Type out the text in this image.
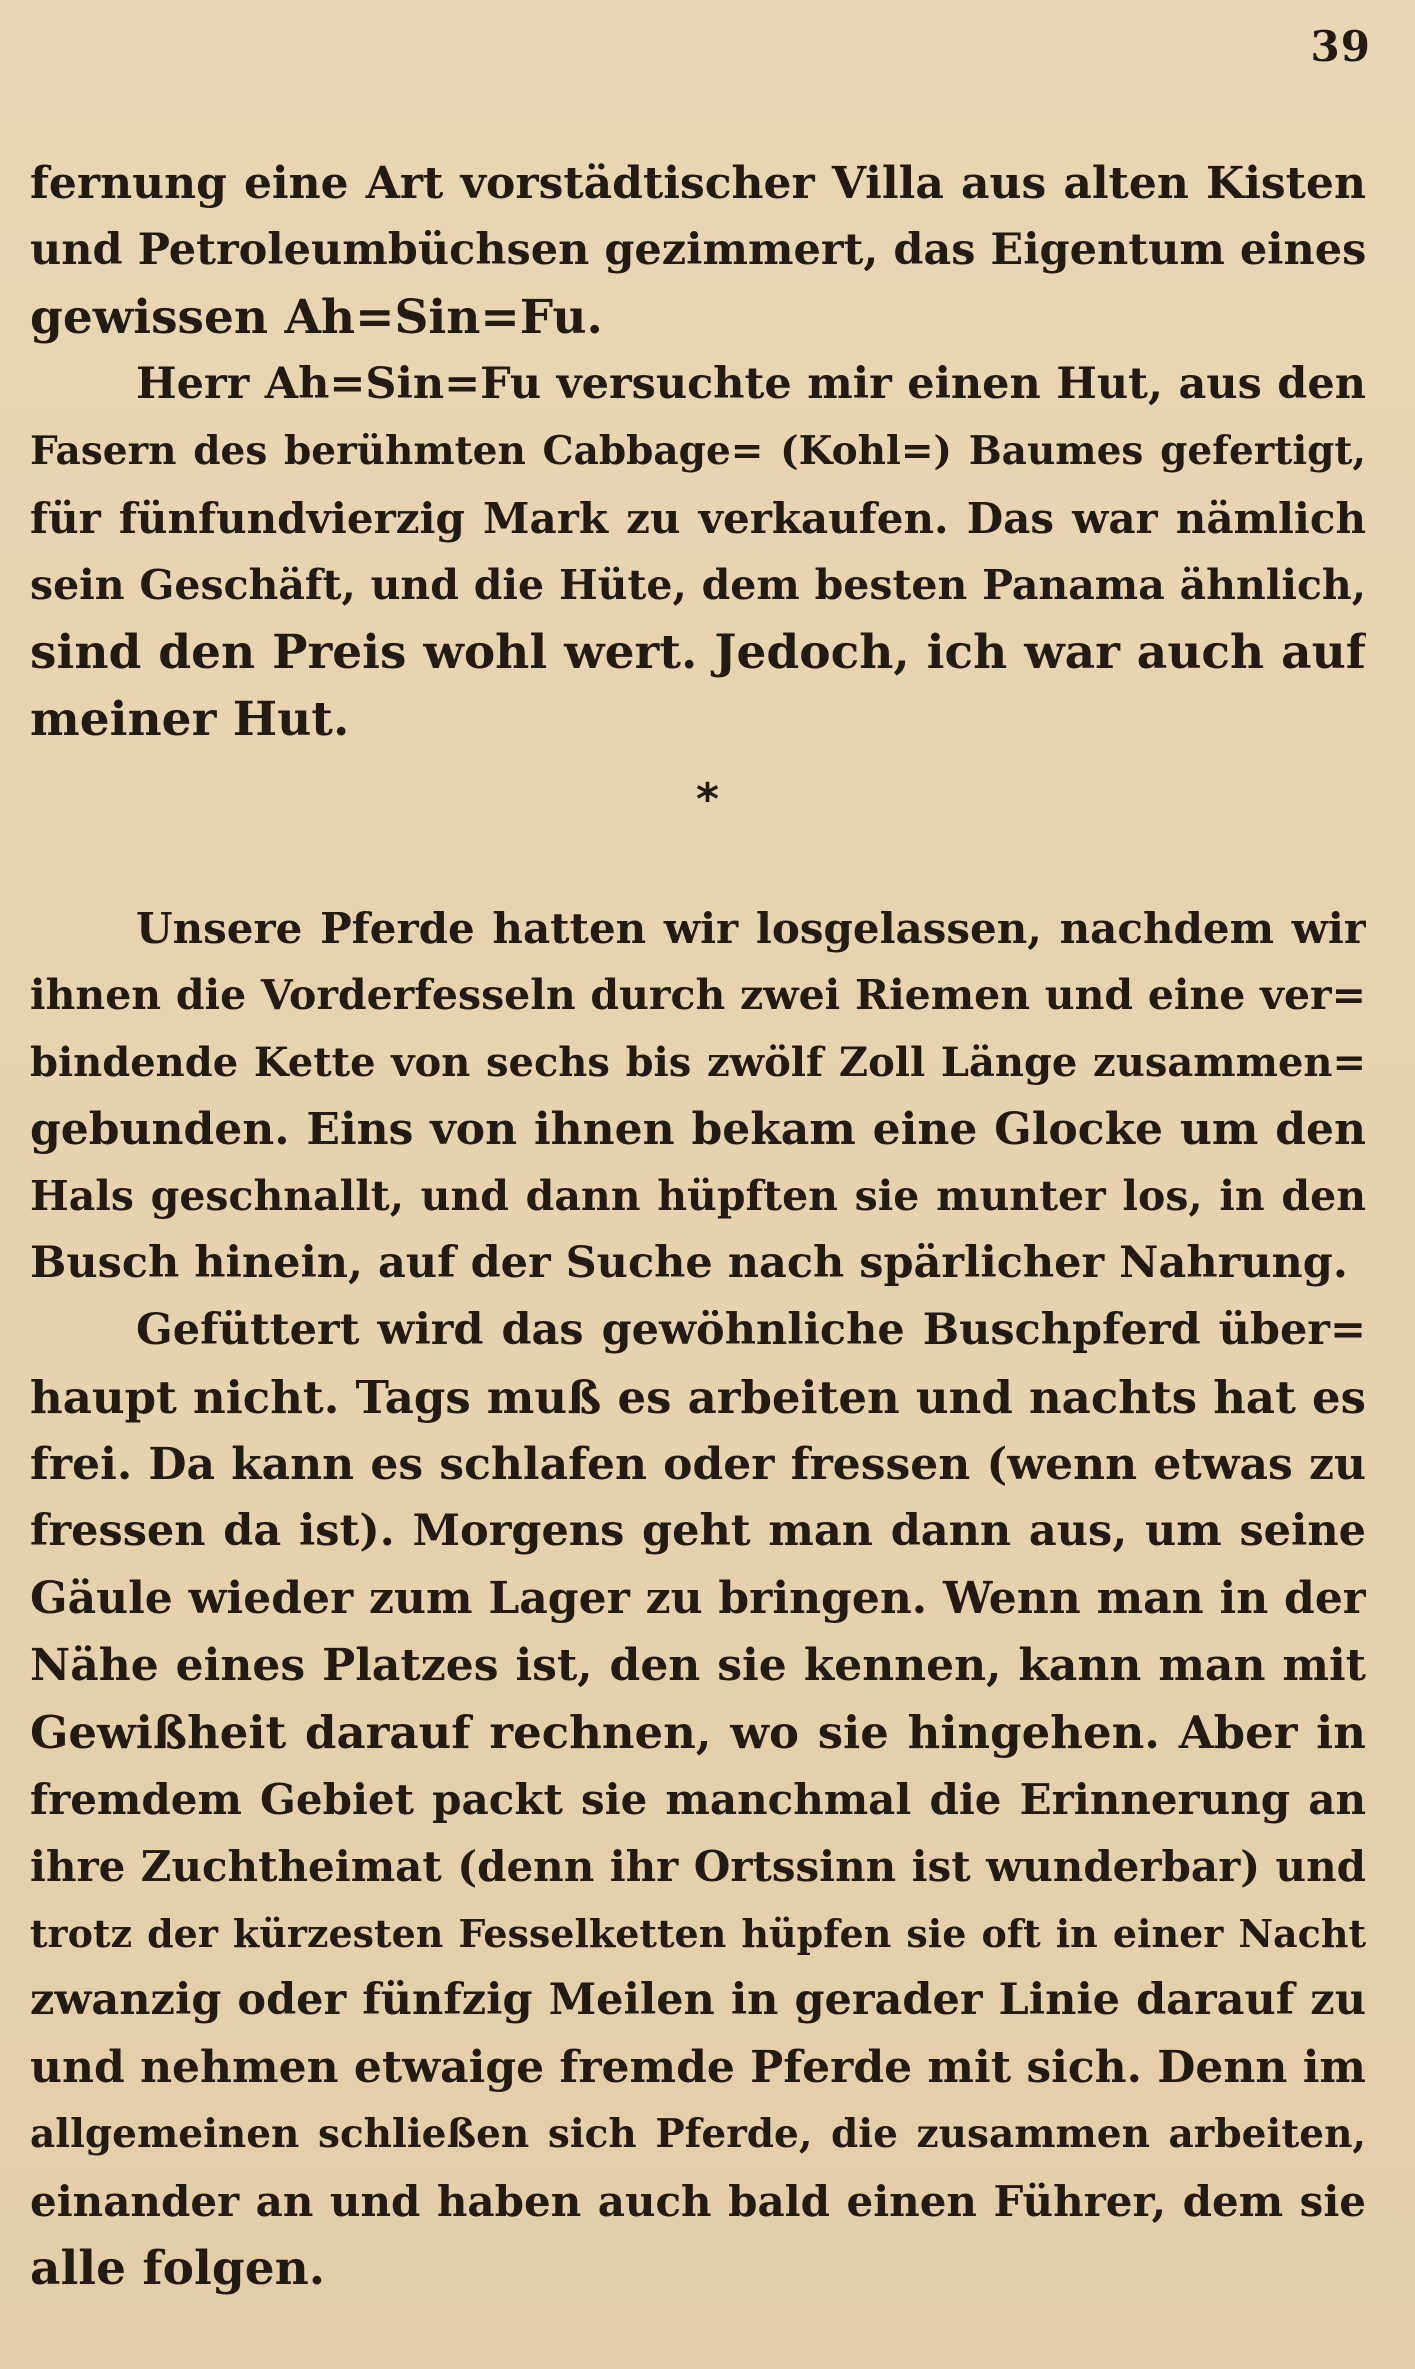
39
fernung eine Art vorstädtischer Villa aus alten Kisten
und Petroleumbüchsen gezimmert, das Eigentum eines
gewissen Ah=Sin=Fu.
Herr Ah=Sin=Fu versuchte mir einen Hut, aus den
Fasern des berühmten Cabbage= (Kohl=) Baumes gefertigt,
für fünfundvierzig Mark zu verkaufen. Das war nämlich
sein Geschäft, und die Hüte, dem besten Panama ähnlich,
sind den Preis wohl wert. Jedoch, ich war auch auf
meiner Hut.
*
Unsere Pferde hatten wir losgelassen, nachdem wir
ihnen die Vorderfesseln durch zwei Riemen und eine ver=
bindende Kette von sechs bis zwölf Zoll Länge zusammen=
gebunden. Eins von ihnen bekam eine Glocke um den
Hals geschnallt, und dann hüpften sie munter los, in den
Busch hinein, auf der Suche nach spärlicher Nahrung.
Gefüttert wird das gewöhnliche Buschpferd über=
haupt nicht. Tags muß es arbeiten und nachts hat es
frei. Da kann es schlafen oder fressen (wenn etwas zu
fressen da ist). Morgens geht man dann aus, um seine
Gäule wieder zum Lager zu bringen. Wenn man in der
Nähe eines Platzes ist, den sie kennen, kann man mit
Gewißheit darauf rechnen, wo sie hingehen. Aber in
fremdem Gebiet packt sie manchmal die Erinnerung an
ihre Zuchtheimat (denn ihr Ortssinn ist wunderbar) und
trotz der kürzesten Fesselketten hüpfen sie oft in einer Nacht
zwanzig oder fünfzig Meilen in gerader Linie darauf zu
und nehmen etwaige fremde Pferde mit sich. Denn im
allgemeinen schließen sich Pferde, die zusammen arbeiten,
einander an und haben auch bald einen Führer, dem sie
alle folgen.
